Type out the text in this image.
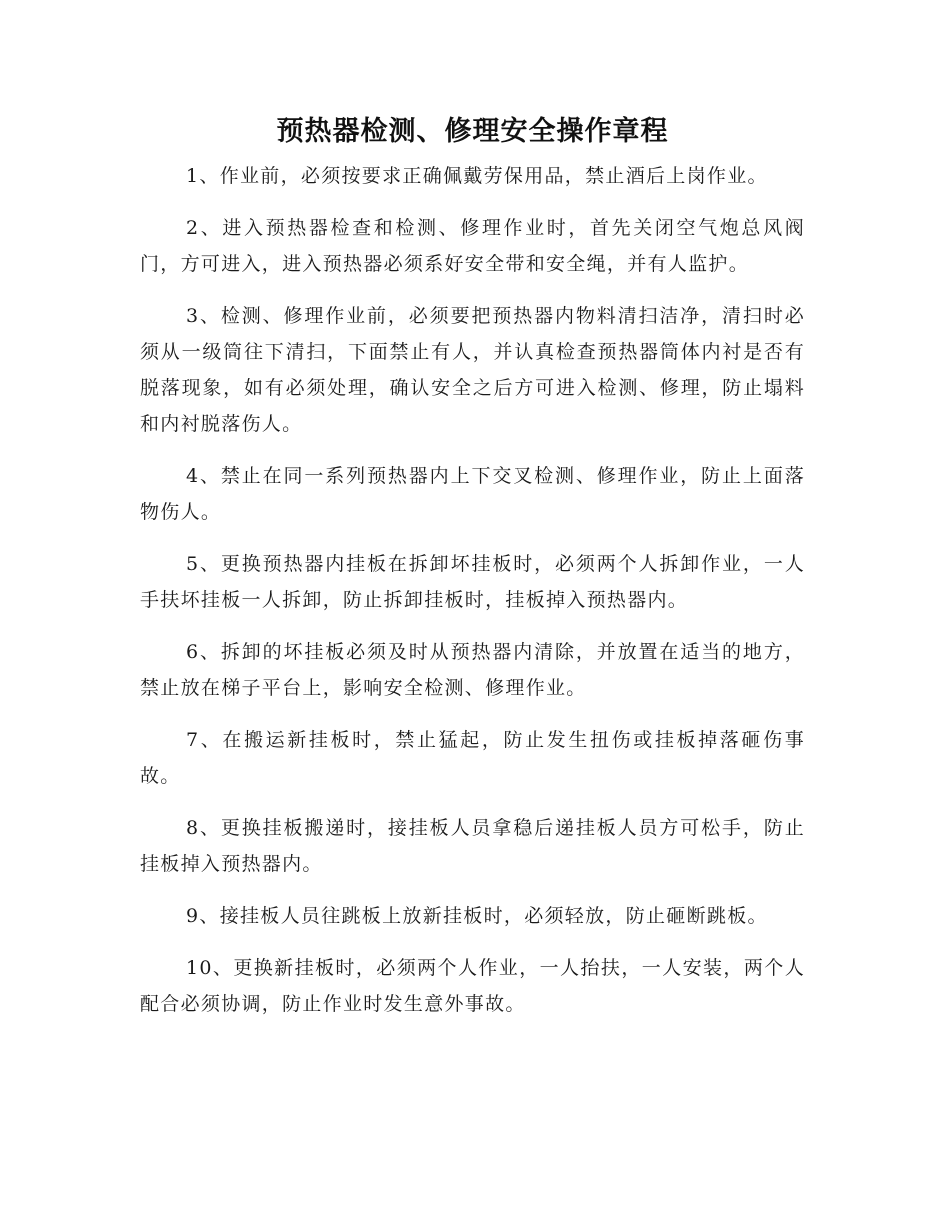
预热器检测、修理安全操作章程

1、作业前，必须按要求正确佩戴劳保用品，禁止酒后上岗作业。

2、进入预热器检查和检测、修理作业时，首先关闭空气炮总风阀门，方可进入，进入预热器必须系好安全带和安全绳，并有人监护。

3、检测、修理作业前，必须要把预热器内物料清扫洁净，清扫时必须从一级筒往下清扫，下面禁止有人，并认真检查预热器筒体内衬是否有脱落现象，如有必须处理，确认安全之后方可进入检测、修理，防止塌料和内衬脱落伤人。

4、禁止在同一系列预热器内上下交叉检测、修理作业，防止上面落物伤人。

5、更换预热器内挂板在拆卸坏挂板时，必须两个人拆卸作业，一人手扶坏挂板一人拆卸，防止拆卸挂板时，挂板掉入预热器内。

6、拆卸的坏挂板必须及时从预热器内清除，并放置在适当的地方，禁止放在梯子平台上，影响安全检测、修理作业。

7、在搬运新挂板时，禁止猛起，防止发生扭伤或挂板掉落砸伤事故。

8、更换挂板搬递时，接挂板人员拿稳后递挂板人员方可松手，防止挂板掉入预热器内。

9、接挂板人员往跳板上放新挂板时，必须轻放，防止砸断跳板。

10、更换新挂板时，必须两个人作业，一人抬扶，一人安装，两个人配合必须协调，防止作业时发生意外事故。
